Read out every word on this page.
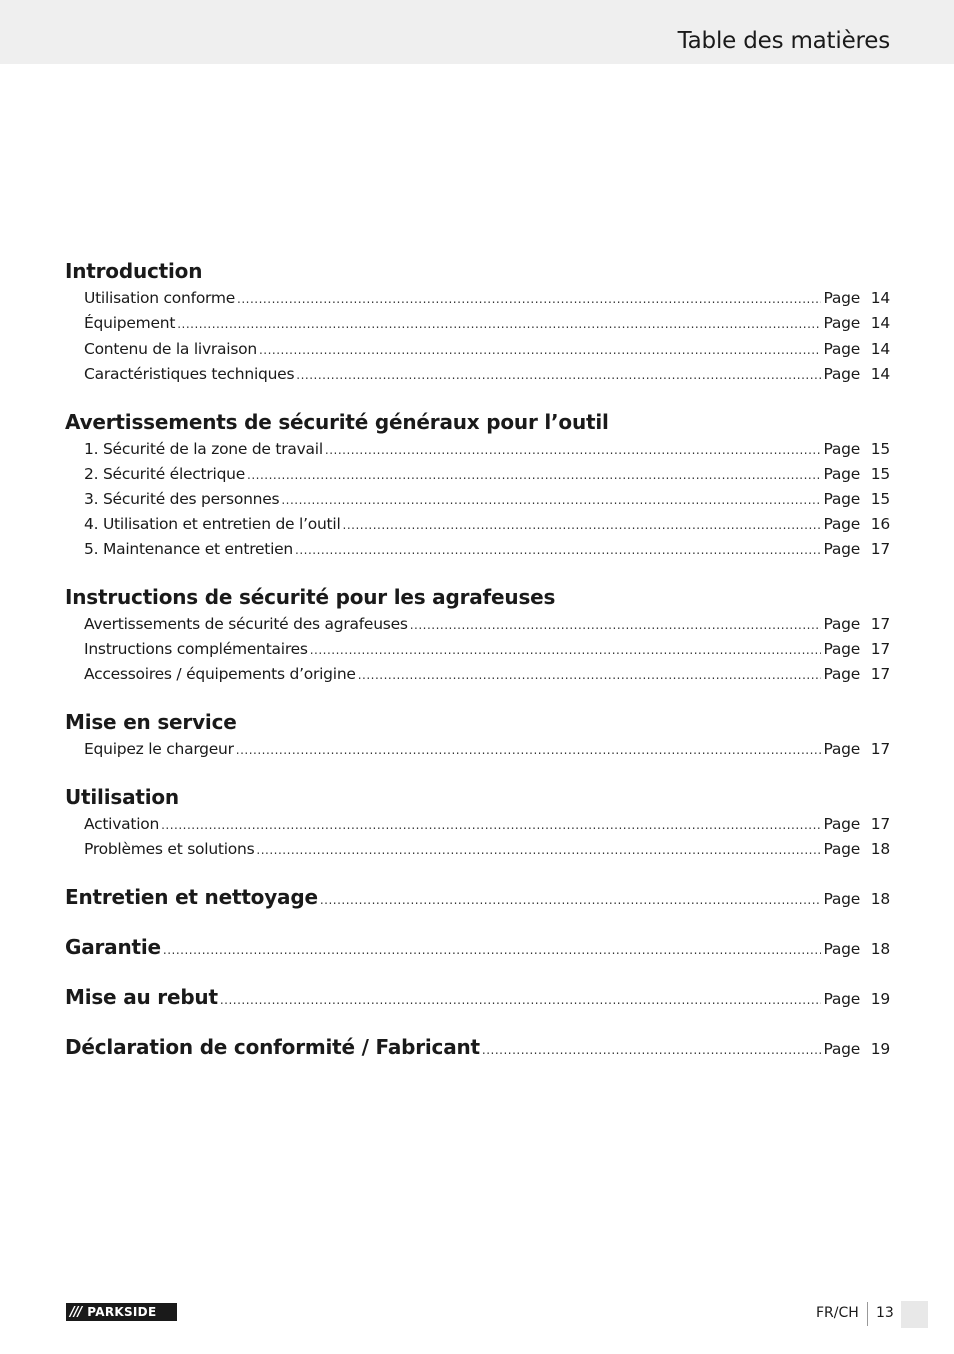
Table des matières
Introduction
Utilisation conforme .....	Page 14
Équipement .....	Page 14
Contenu de la livraison .....	Page 14
Caractéristiques techniques .....	Page 14
Avertissements de sécurité généraux pour l’outil
1. Sécurité de la zone de travail .....	Page 15
2. Sécurité électrique .....	Page 15
3. Sécurité des personnes .....	Page 15
4. Utilisation et entretien de l’outil .....	Page 16
5. Maintenance et entretien .....	Page 17
Instructions de sécurité pour les agrafeuses
Avertissements de sécurité des agrafeuses .....	Page 17
Instructions complémentaires .....	Page 17
Accessoires / équipements d’origine .....	Page 17
Mise en service
Equipez le chargeur .....	Page 17
Utilisation
Activation .....	Page 17
Problèmes et solutions .....	Page 18
Entretien et nettoyage .....	Page 18
Garantie .....	Page 18
Mise au rebut .....	Page 19
Déclaration de conformité / Fabricant .....	Page 19
/// PARKSIDE	FR/CH 13
